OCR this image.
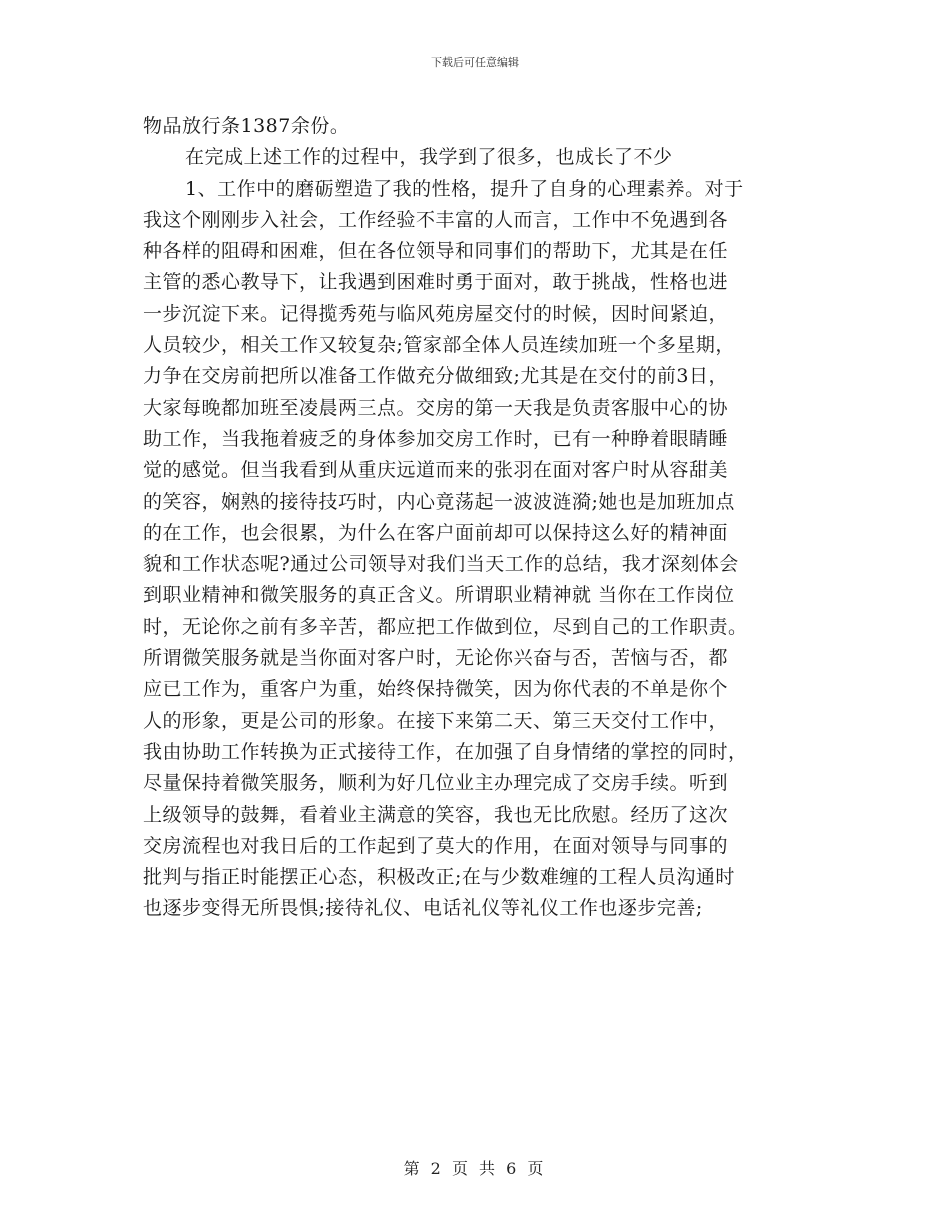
下载后可任意编辑
物品放行条1387余份。
在完成上述工作的过程中，我学到了很多，也成长了不少
1、工作中的磨砺塑造了我的性格，提升了自身的心理素养。对于
我这个刚刚步入社会，工作经验不丰富的人而言，工作中不免遇到各
种各样的阻碍和困难，但在各位领导和同事们的帮助下，尤其是在任
主管的悉心教导下，让我遇到困难时勇于面对，敢于挑战，性格也进
一步沉淀下来。记得揽秀苑与临风苑房屋交付的时候，因时间紧迫，
人员较少，相关工作又较复杂;管家部全体人员连续加班一个多星期，
力争在交房前把所以准备工作做充分做细致;尤其是在交付的前3日，
大家每晚都加班至凌晨两三点。交房的第一天我是负责客服中心的协
助工作，当我拖着疲乏的身体参加交房工作时，已有一种睁着眼睛睡
觉的感觉。但当我看到从重庆远道而来的张羽在面对客户时从容甜美
的笑容，娴熟的接待技巧时，内心竟荡起一波波涟漪;她也是加班加点
的在工作，也会很累，为什么在客户面前却可以保持这么好的精神面
貌和工作状态呢?通过公司领导对我们当天工作的总结，我才深刻体会
到职业精神和微笑服务的真正含义。所谓职业精神就 当你在工作岗位
时，无论你之前有多辛苦，都应把工作做到位，尽到自己的工作职责。
所谓微笑服务就是当你面对客户时，无论你兴奋与否，苦恼与否，都
应已工作为，重客户为重，始终保持微笑，因为你代表的不单是你个
人的形象，更是公司的形象。在接下来第二天、第三天交付工作中，
我由协助工作转换为正式接待工作，在加强了自身情绪的掌控的同时，
尽量保持着微笑服务，顺利为好几位业主办理完成了交房手续。听到
上级领导的鼓舞，看着业主满意的笑容，我也无比欣慰。经历了这次
交房流程也对我日后的工作起到了莫大的作用，在面对领导与同事的
批判与指正时能摆正心态，积极改正;在与少数难缠的工程人员沟通时
也逐步变得无所畏惧;接待礼仪、电话礼仪等礼仪工作也逐步完善;
第 2 页 共 6 页
